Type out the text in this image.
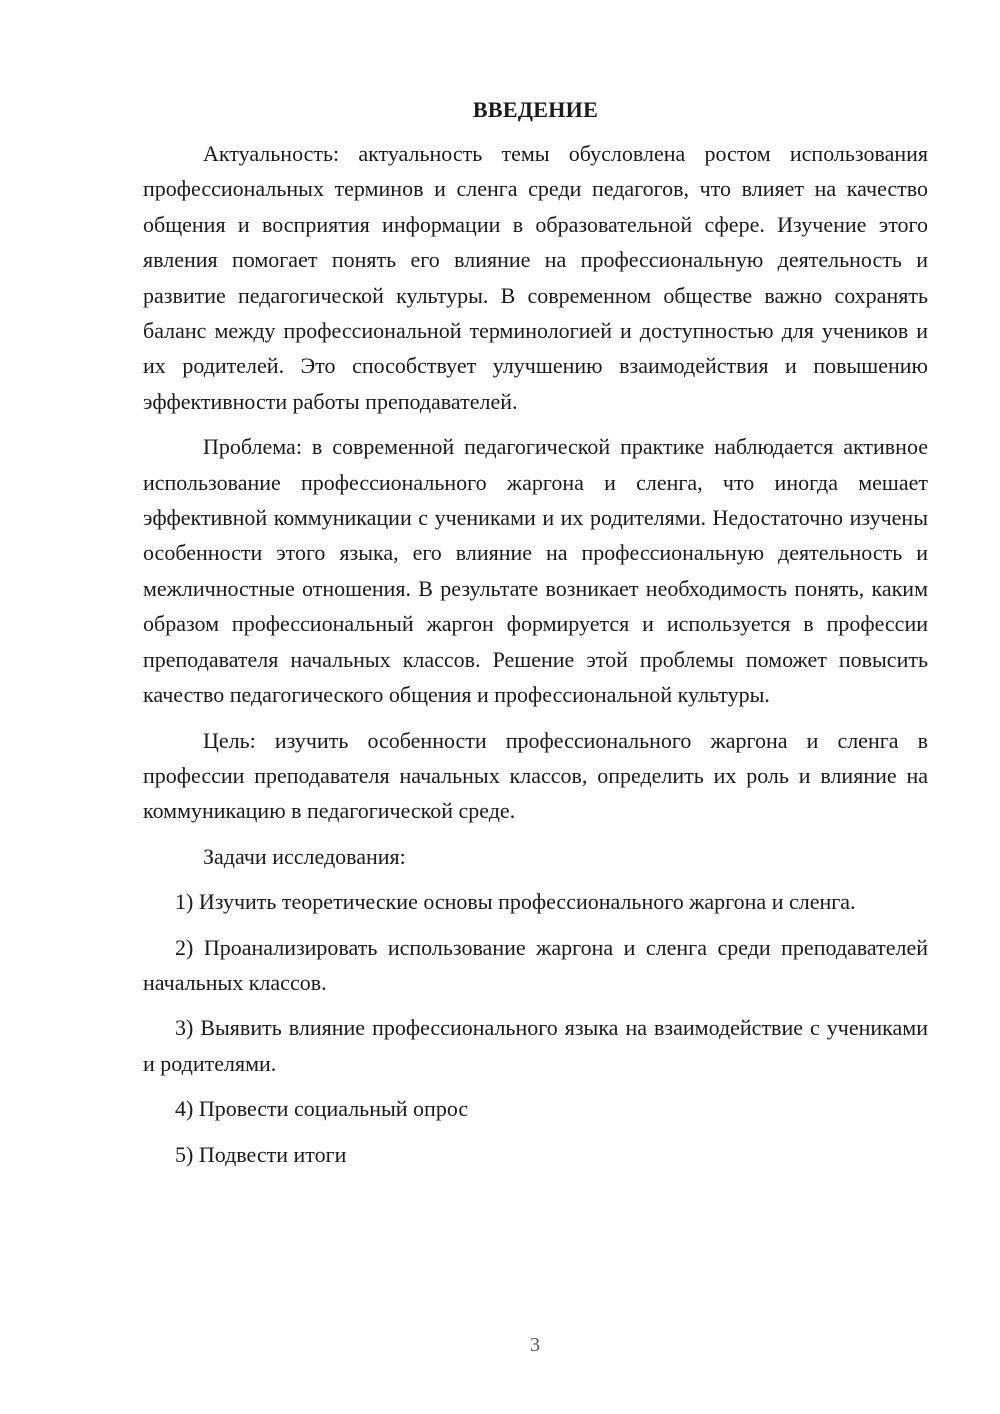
ВВЕДЕНИЕ

Актуальность: актуальность темы обусловлена ростом использования профессиональных терминов и сленга среди педагогов, что влияет на качество общения и восприятия информации в образовательной сфере. Изучение этого явления помогает понять его влияние на профессиональную деятельность и развитие педагогической культуры. В современном обществе важно сохранять баланс между профессиональной терминологией и доступностью для учеников и их родителей. Это способствует улучшению взаимодействия и повышению эффективности работы преподавателей.

Проблема: в современной педагогической практике наблюдается активное использование профессионального жаргона и сленга, что иногда мешает эффективной коммуникации с учениками и их родителями. Недостаточно изучены особенности этого языка, его влияние на профессиональную деятельность и межличностные отношения. В результате возникает необходимость понять, каким образом профессиональный жаргон формируется и используется в профессии преподавателя начальных классов. Решение этой проблемы поможет повысить качество педагогического общения и профессиональной культуры.

Цель: изучить особенности профессионального жаргона и сленга в профессии преподавателя начальных классов, определить их роль и влияние на коммуникацию в педагогической среде.

Задачи исследования:

1) Изучить теоретические основы профессионального жаргона и сленга.

2) Проанализировать использование жаргона и сленга среди преподавателей начальных классов.

3) Выявить влияние профессионального языка на взаимодействие с учениками и родителями.

4) Провести социальный опрос

5) Подвести итоги

3
